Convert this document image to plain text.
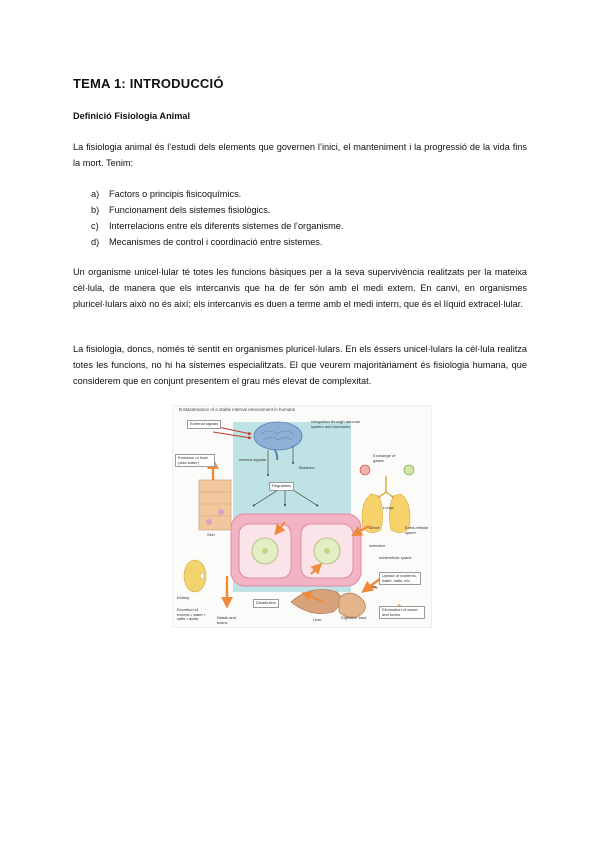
TEMA 1: INTRODUCCIÓ
Definició Fisiologia Animal
La fisiologia animal és l’estudi dels elements que governen l’inici, el manteniment i la progressió de la vida fins la mort. Tenim:
a)	Factors o principis fisicoquímics.
b)	Funcionament dels sistemes fisiològics.
c)	Interrelacions entre els diferents sistemes de l’organisme.
d)	Mecanismes de control i coordinació entre sistemes.
Un organisme unicel·lular té totes les funcions bàsiques per a la seva supervivència realitzats per la mateixa cèl·lula, de manera que els intercanvis que ha de fer són amb el medi extern. En canvi, en organismes pluricel·lulars això no és així; els intercanvis es duen a terme amb el medi intern, que és el líquid extracel·lular.
La fisiologia, doncs, només té sentit en organismes pluricel·lulars. En els éssers unicel·lulars la cèl·lula realitza totes les funcions, no hi ha sistemes especialitzats. El que veurem majoritàriament és fisiologia humana, que considerem que en conjunt presentem el grau més elevat de complexitat.
B Maintenance of a stable internal environment in humans
External signals	Integration through nervous system and hormones
Internal signals
Behavior
Regulation
Emission of heat (also water)
Skin
Exchange of gases
Lungs
Blood	Extra-cellular space
Interstice
Intracellular space
Uptake of nutrients, water, salts, etc.
Kidney
Excretion of excess • water • salts • acids	Waste and toxins
Distribution
Liver	Digestive tract
Elimination of waste and toxins
